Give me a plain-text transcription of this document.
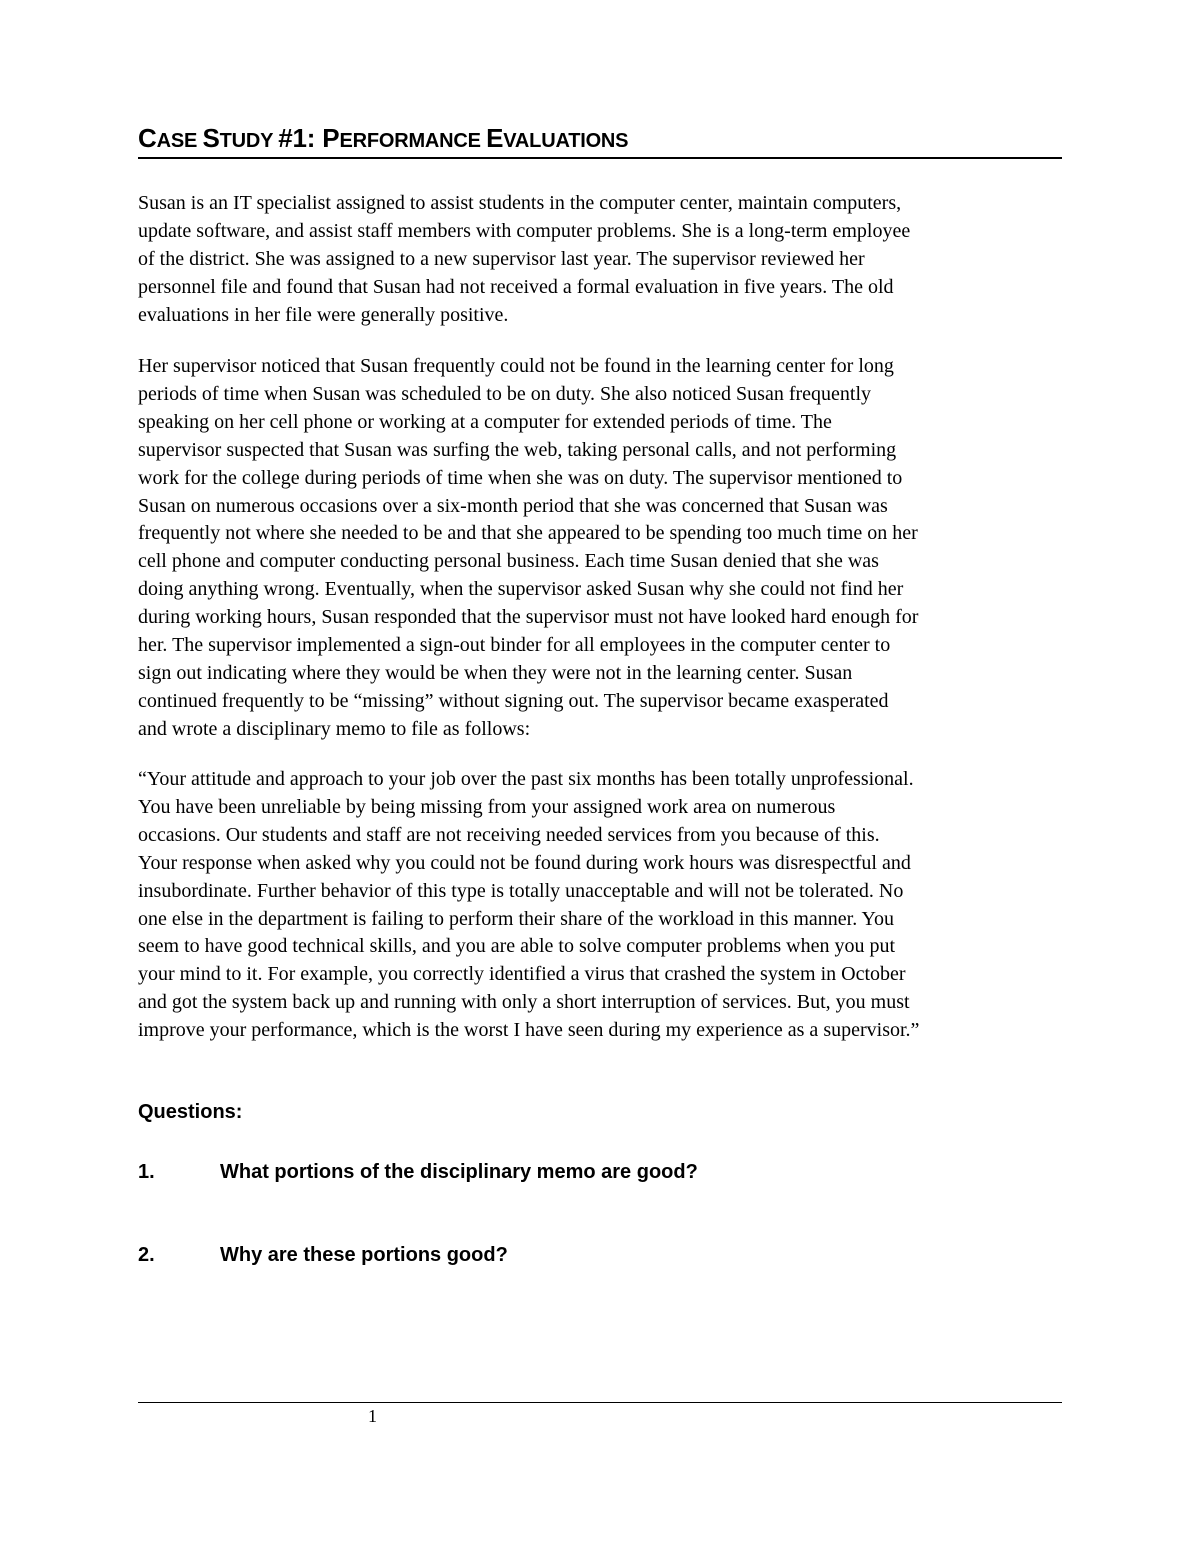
CASE STUDY #1: PERFORMANCE EVALUATIONS
Susan is an IT specialist assigned to assist students in the computer center, maintain computers,
update software, and assist staff members with computer problems. She is a long-term employee
of the district. She was assigned to a new supervisor last year. The supervisor reviewed her
personnel file and found that Susan had not received a formal evaluation in five years. The old
evaluations in her file were generally positive.
Her supervisor noticed that Susan frequently could not be found in the learning center for long
periods of time when Susan was scheduled to be on duty. She also noticed Susan frequently
speaking on her cell phone or working at a computer for extended periods of time. The
supervisor suspected that Susan was surfing the web, taking personal calls, and not performing
work for the college during periods of time when she was on duty. The supervisor mentioned to
Susan on numerous occasions over a six-month period that she was concerned that Susan was
frequently not where she needed to be and that she appeared to be spending too much time on her
cell phone and computer conducting personal business. Each time Susan denied that she was
doing anything wrong. Eventually, when the supervisor asked Susan why she could not find her
during working hours, Susan responded that the supervisor must not have looked hard enough for
her. The supervisor implemented a sign-out binder for all employees in the computer center to
sign out indicating where they would be when they were not in the learning center. Susan
continued frequently to be “missing” without signing out. The supervisor became exasperated
and wrote a disciplinary memo to file as follows:
“Your attitude and approach to your job over the past six months has been totally unprofessional.
You have been unreliable by being missing from your assigned work area on numerous
occasions. Our students and staff are not receiving needed services from you because of this.
Your response when asked why you could not be found during work hours was disrespectful and
insubordinate. Further behavior of this type is totally unacceptable and will not be tolerated. No
one else in the department is failing to perform their share of the workload in this manner. You
seem to have good technical skills, and you are able to solve computer problems when you put
your mind to it. For example, you correctly identified a virus that crashed the system in October
and got the system back up and running with only a short interruption of services. But, you must
improve your performance, which is the worst I have seen during my experience as a supervisor.”
Questions:
1.	What portions of the disciplinary memo are good?
2.	Why are these portions good?
1
